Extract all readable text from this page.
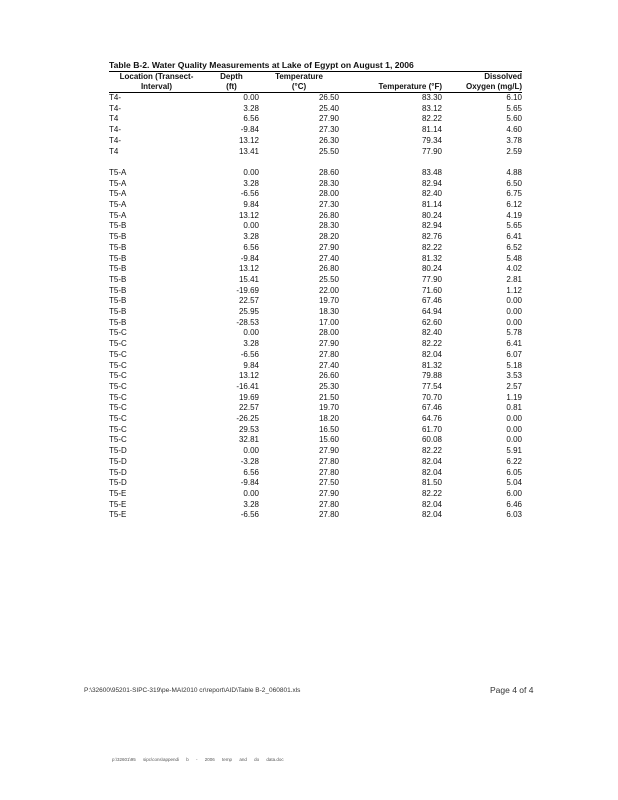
Table B-2. Water Quality Measurements at Lake of Egypt on August 1, 2006
Location (Transect-	Depth	Temperature		Dissolved
Interval)	(ft)	(°C)	Temperature (°F)	Oxygen (mg/L)
T4-	0.00	26.50	83.30	6.10
T4-	3.28	25.40	83.12	5.65
T4	6.56	27.90	82.22	5.60
T4-	-9.84	27.30	81.14	4.60
T4-	13.12	26.30	79.34	3.78
T4	13.41	25.50	77.90	2.59

T5-A	0.00	28.60	83.48	4.88
T5-A	3.28	28.30	82.94	6.50
T5-A	-6.56	28.00	82.40	6.75
T5-A	9.84	27.30	81.14	6.12
T5-A	13.12	26.80	80.24	4.19
T5-B	0.00	28.30	82.94	5.65
T5-B	3.28	28.20	82.76	6.41
T5-B	6.56	27.90	82.22	6.52
T5-B	-9.84	27.40	81.32	5.48
T5-B	13.12	26.80	80.24	4.02
T5-B	15.41	25.50	77.90	2.81
T5-B	-19.69	22.00	71.60	1.12
T5-B	22.57	19.70	67.46	0.00
T5-B	25.95	18.30	64.94	0.00
T5-B	-28.53	17.00	62.60	0.00
T5-C	0.00	28.00	82.40	5.78
T5-C	3.28	27.90	82.22	6.41
T5-C	-6.56	27.80	82.04	6.07
T5-C	9.84	27.40	81.32	5.18
T5-C	13.12	26.60	79.88	3.53
T5-C	-16.41	25.30	77.54	2.57
T5-C	19.69	21.50	70.70	1.19
T5-C	22.57	19.70	67.46	0.81
T5-C	-26.25	18.20	64.76	0.00
T5-C	29.53	16.50	61.70	0.00
T5-C	32.81	15.60	60.08	0.00
T5-D	0.00	27.90	82.22	5.91
T5-D	-3.28	27.80	82.04	6.22
T5-D	6.56	27.80	82.04	6.05
T5-D	-9.84	27.50	81.50	5.04
T5-E	0.00	27.90	82.22	6.00
T5-E	3.28	27.80	82.04	6.46
T5-E	-6.56	27.80	82.04	6.03
P:\32600\95201-SIPC-319\pe-MAI2010 cr\report\AID\Table B-2_060801.xls	Page 4 of 4
p:\32601\95 sipc\cons\appendi b - 2006 temp and do data.doc
